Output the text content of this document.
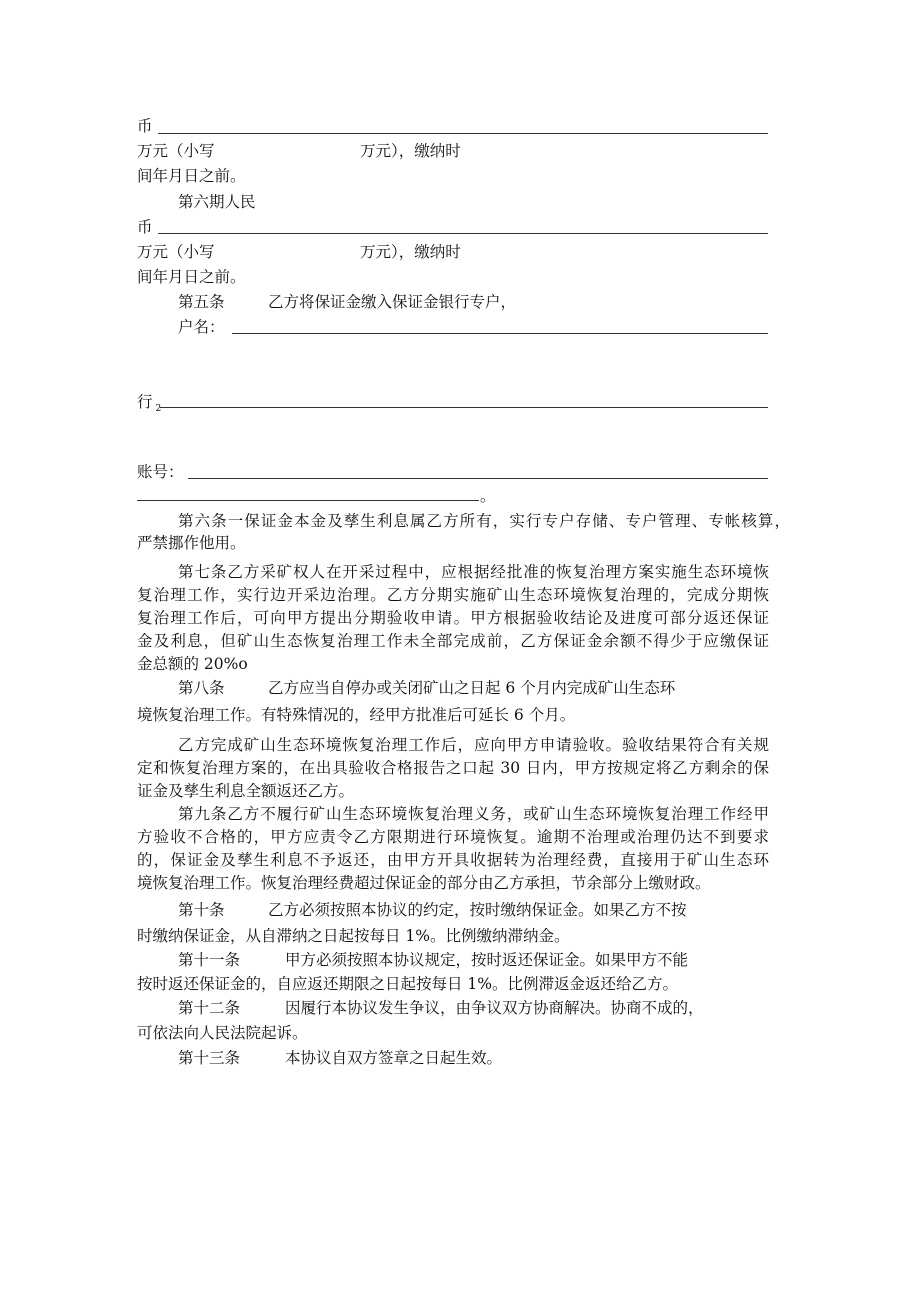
币
万元（小写	万元），缴纳时
间年月日之前。
第六期人民
币
万元（小写	万元），缴纳时
间年月日之前。
第五条	乙方将保证金缴入保证金银行专户，
户名：
行 $_2$
账号：
。
第六条一保证金本金及孳生利息属乙方所有，实行专户存储、专户管理、专帐核算，
严禁挪作他用。
第七条乙方采矿权人在开采过程中，应根据经批准的恢复治理方案实施生态环境恢
复治理工作，实行边开采边治理。乙方分期实施矿山生态环境恢复治理的，完成分期恢
复治理工作后，可向甲方提出分期验收申请。甲方根据验收结论及进度可部分返还保证
金及利息，但矿山生态恢复治理工作未全部完成前，乙方保证金余额不得少于应缴保证
金总额的 20%o
第八条	乙方应当自停办或关闭矿山之日起 6 个月内完成矿山生态环
境恢复治理工作。有特殊情况的，经甲方批准后可延长 6 个月。
乙方完成矿山生态环境恢复治理工作后，应向甲方申请验收。验收结果符合有关规
定和恢复治理方案的，在出具验收合格报告之口起 30 日内，甲方按规定将乙方剩余的保
证金及孳生利息全额返还乙方。
第九条乙方不履行矿山生态环境恢复治理义务，或矿山生态环境恢复治理工作经甲
方验收不合格的，甲方应责令乙方限期进行环境恢复。逾期不治理或治理仍达不到要求
的，保证金及孳生利息不予返还，由甲方开具收据转为治理经费，直接用于矿山生态环
境恢复治理工作。恢复治理经费超过保证金的部分由乙方承担，节余部分上缴财政。
第十条	乙方必须按照本协议的约定，按时缴纳保证金。如果乙方不按
时缴纳保证金，从自滞纳之日起按每日 1%。比例缴纳滞纳金。
第十一条	甲方必须按照本协议规定，按时返还保证金。如果甲方不能
按时返还保证金的，自应返还期限之日起按每日 1%。比例滞返金返还给乙方。
第十二条	因履行本协议发生争议，由争议双方协商解决。协商不成的，
可依法向人民法院起诉。
第十三条	本协议自双方签章之日起生效。
